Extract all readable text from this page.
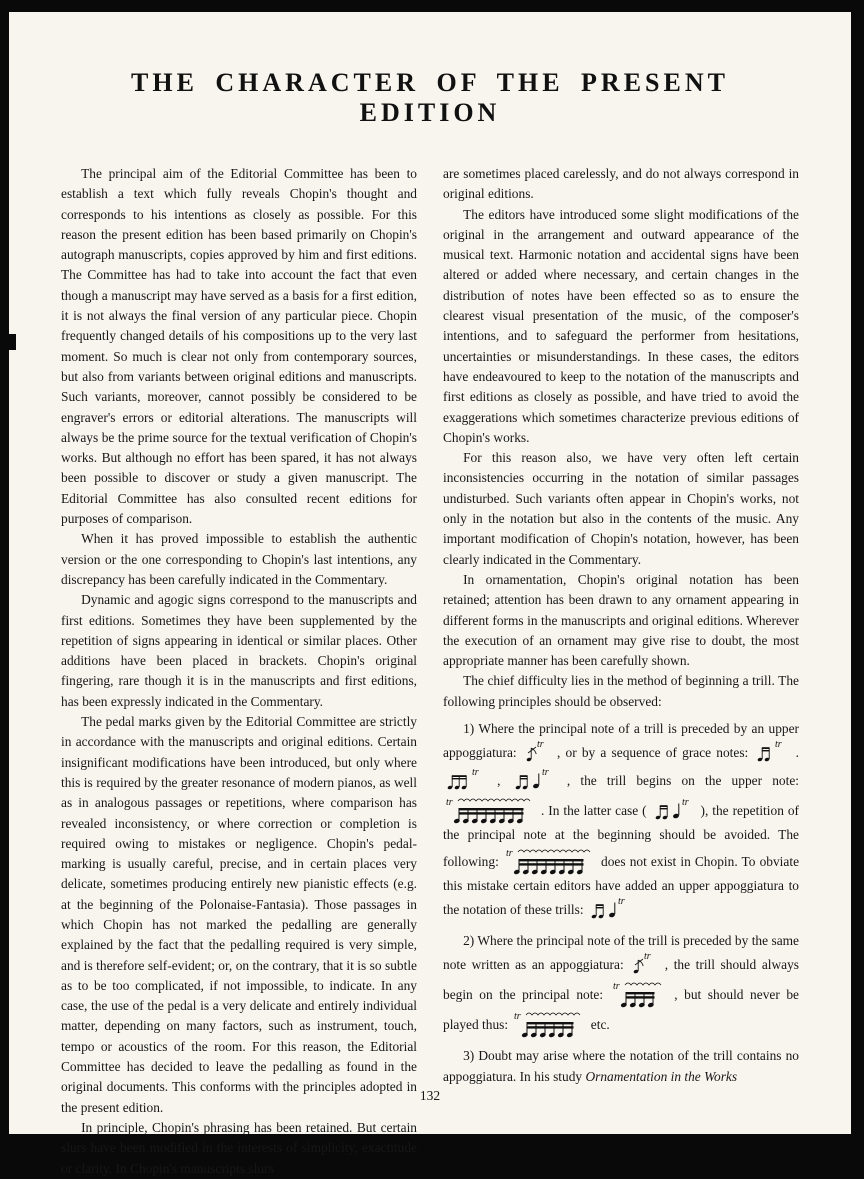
THE CHARACTER OF THE PRESENT EDITION

The principal aim of the Editorial Committee has been to establish a text which fully reveals Chopin's thought and corresponds to his intentions as closely as possible. For this reason the present edition has been based primarily on Chopin's autograph manuscripts, copies approved by him and first editions. The Committee has had to take into account the fact that even though a manuscript may have served as a basis for a first edition, it is not always the final version of any particular piece. Chopin frequently changed details of his compositions up to the very last moment. So much is clear not only from contemporary sources, but also from variants between original editions and manuscripts. Such variants, moreover, cannot possibly be considered to be engraver's errors or editorial alterations. The manuscripts will always be the prime source for the textual verification of Chopin's works. But although no effort has been spared, it has not always been possible to discover or study a given manuscript. The Editorial Committee has also consulted recent editions for purposes of comparison.

When it has proved impossible to establish the authentic version or the one corresponding to Chopin's last intentions, any discrepancy has been carefully indicated in the Commentary.

Dynamic and agogic signs correspond to the manuscripts and first editions. Sometimes they have been supplemented by the repetition of signs appearing in identical or similar places. Other additions have been placed in brackets. Chopin's original fingering, rare though it is in the manuscripts and first editions, has been expressly indicated in the Commentary.

The pedal marks given by the Editorial Committee are strictly in accordance with the manuscripts and original editions. Certain insignificant modifications have been introduced, but only where this is required by the greater resonance of modern pianos, as well as in analogous passages or repetitions, where comparison has revealed inconsistency, or where correction or completion is required owing to mistakes or negligence. Chopin's pedal-marking is usually careful, precise, and in certain places very delicate, sometimes producing entirely new pianistic effects (e.g. at the beginning of the Polonaise-Fantasia). Those passages in which Chopin has not marked the pedalling are generally explained by the fact that the pedalling required is very simple, and is therefore self-evident; or, on the contrary, that it is so subtle as to be too complicated, if not impossible, to indicate. In any case, the use of the pedal is a very delicate and entirely individual matter, depending on many factors, such as instrument, touch, tempo or acoustics of the room. For this reason, the Editorial Committee has decided to leave the pedalling as found in the original documents. This conforms with the principles adopted in the present edition.

In principle, Chopin's phrasing has been retained. But certain slurs have been modified in the interests of simplicity, exactitude or clarity. In Chopin's manuscripts slurs

are sometimes placed carelessly, and do not always correspond in original editions.

The editors have introduced some slight modifications of the original in the arrangement and outward appearance of the musical text. Harmonic notation and accidental signs have been altered or added where necessary, and certain changes in the distribution of notes have been effected so as to ensure the clearest visual presentation of the music, of the composer's intentions, and to safeguard the performer from hesitations, uncertainties or misunderstandings. In these cases, the editors have endeavoured to keep to the notation of the manuscripts and first editions as closely as possible, and have tried to avoid the exaggerations which sometimes characterize previous editions of Chopin's works.

For this reason also, we have very often left certain inconsistencies occurring in the notation of similar passages undisturbed. Such variants often appear in Chopin's works, not only in the notation but also in the contents of the music. Any important modification of Chopin's notation, however, has been clearly indicated in the Commentary.

In ornamentation, Chopin's original notation has been retained; attention has been drawn to any ornament appearing in different forms in the manuscripts and original editions. Wherever the execution of an ornament may give rise to doubt, the most appropriate manner has been carefully shown.

The chief difficulty lies in the method of beginning a trill. The following principles should be observed:

1) Where the principal note of a trill is preceded by an upper appoggiatura:
tr
, or by a sequence of grace notes:
tr
.
tr
,
tr
, the trill begins on the upper note:
tr
. In the latter case (
tr
), the repetition of the principal note at the beginning should be avoided. The following:
tr
does not exist in Chopin. To obviate this mistake certain editors have added an upper appoggiatura to the notation of these trills:
tr

2) Where the principal note of the trill is preceded by the same note written as an appoggiatura:
tr
, the trill should always begin on the principal note:
tr
, but should never be played thus:
tr
etc.

3) Doubt may arise where the notation of the trill contains no appoggiatura. In his study Ornamentation in the Works

132
